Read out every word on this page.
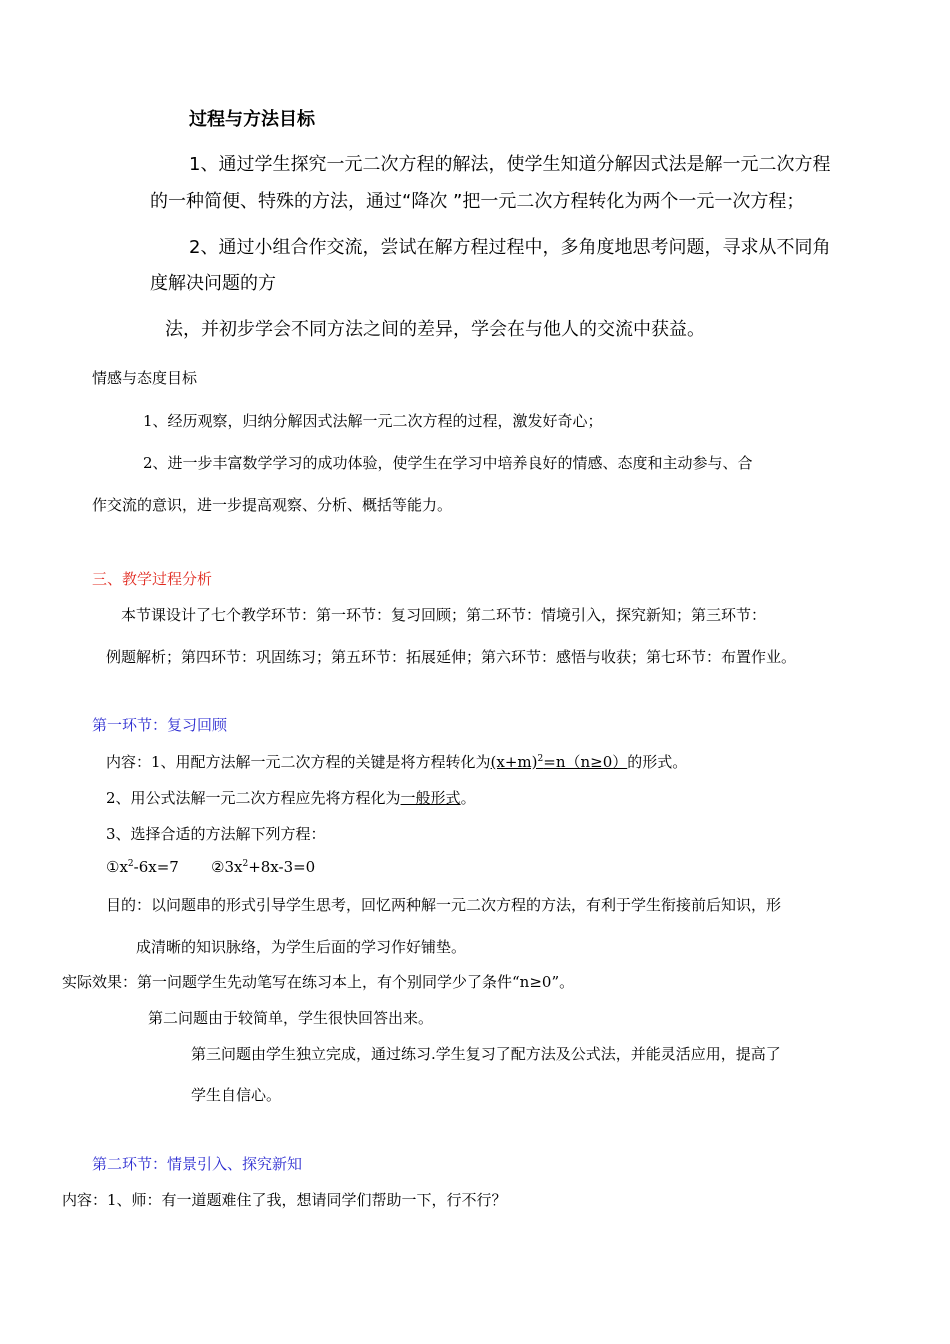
过程与方法目标
1、通过学生探究一元二次方程的解法，使学生知道分解因式法是解一元二次方程
的一种简便、特殊的方法，通过“降次 ”把一元二次方程转化为两个一元一次方程；
2、通过小组合作交流，尝试在解方程过程中，多角度地思考问题，寻求从不同角
度解决问题的方
法，并初步学会不同方法之间的差异，学会在与他人的交流中获益。
情感与态度目标
1、经历观察，归纳分解因式法解一元二次方程的过程，激发好奇心；
2、进一步丰富数学学习的成功体验，使学生在学习中培养良好的情感、态度和主动参与、合
作交流的意识，进一步提高观察、分析、概括等能力。
三、教学过程分析
本节课设计了七个教学环节：第一环节：复习回顾；第二环节：情境引入，探究新知；第三环节：
例题解析；第四环节：巩固练习；第五环节：拓展延伸；第六环节：感悟与收获；第七环节：布置作业。
第一环节：复习回顾
内容：1、用配方法解一元二次方程的关键是将方程转化为$(x+m)^2=n(n\ge 0)$的形式。
2、用公式法解一元二次方程应先将方程化为一般形式。
3、选择合适的方法解下列方程：
$①x^2-6x=7$ $②3x^2+8x-3=0$
目的：以问题串的形式引导学生思考，回忆两种解一元二次方程的方法，有利于学生衔接前后知识，形
成清晰的知识脉络，为学生后面的学习作好铺垫。
实际效果：第一问题学生先动笔写在练习本上，有个别同学少了条件“n≥0”。
第二问题由于较简单，学生很快回答出来。
第三问题由学生独立完成，通过练习.学生复习了配方法及公式法，并能灵活应用，提高了
学生自信心。
第二环节：情景引入、探究新知
内容：1、师：有一道题难住了我，想请同学们帮助一下，行不行？
